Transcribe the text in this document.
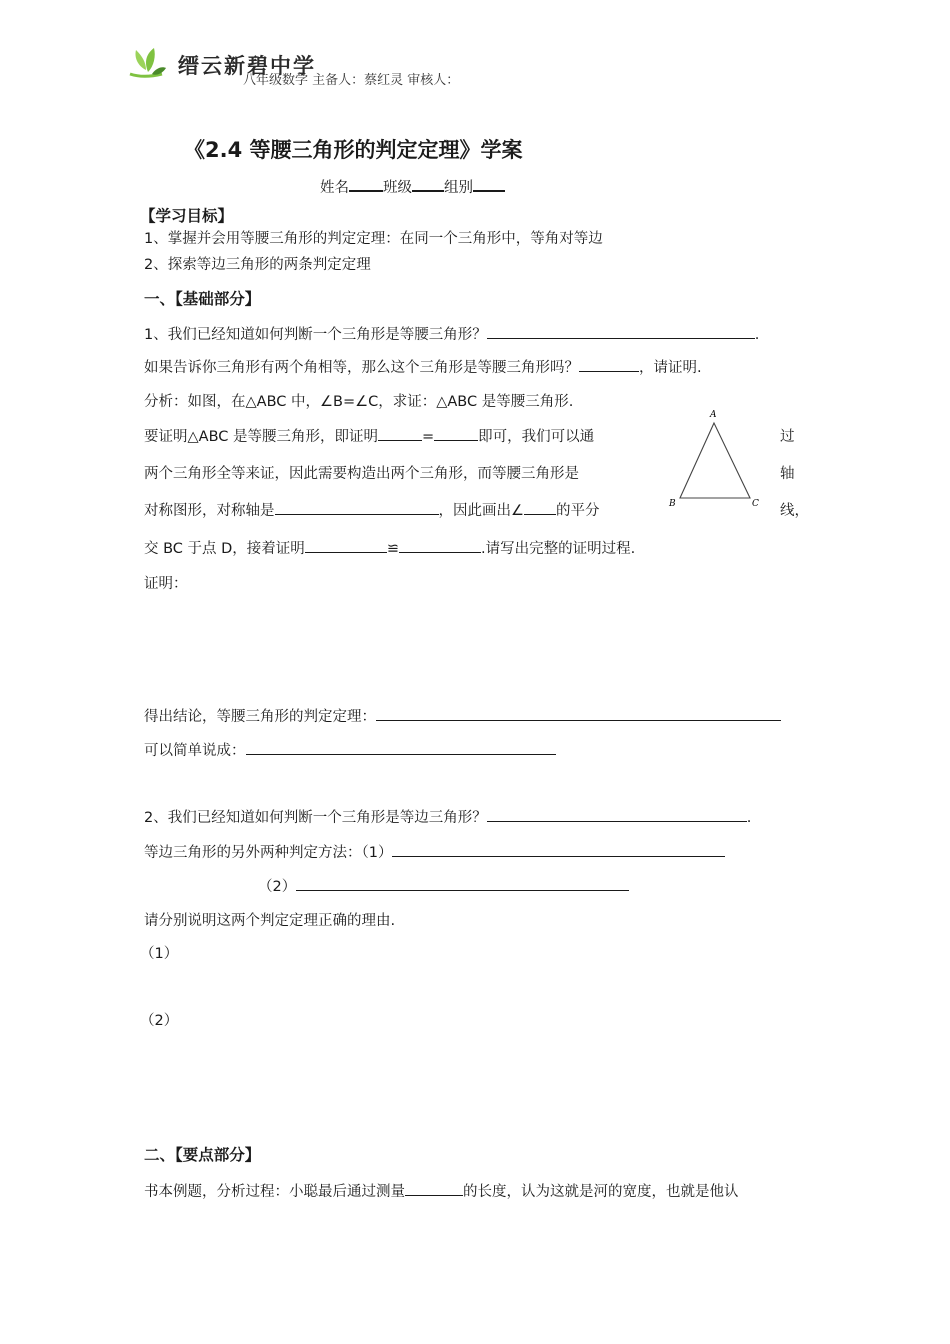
缙云新碧中学
八年级数学 主备人：蔡红灵 审核人：
《2.4 等腰三角形的判定定理》学案
姓名 班级 组别
【学习目标】
1、掌握并会用等腰三角形的判定定理：在同一个三角形中，等角对等边
2、探索等边三角形的两条判定定理
一、【基础部分】
1、我们已经知道如何判断一个三角形是等腰三角形？	.
如果告诉你三角形有两个角相等，那么这个三角形是等腰三角形吗？	，请证明.
分析：如图，在△ABC 中，∠B=∠C，求证：△ABC 是等腰三角形.
要证明△ABC 是等腰三角形，即证明	=	即可，我们可以通	过
两个三角形全等来证，因此需要构造出两个三角形，而等腰三角形是	轴
对称图形，对称轴是	，因此画出∠ 的平分	线，
A
B	C
交 BC 于点 D，接着证明	≌	.请写出完整的证明过程.
证明：
得出结论，等腰三角形的判定定理：
可以简单说成：
2、我们已经知道如何判断一个三角形是等边三角形？	.
等边三角形的另外两种判定方法：（1）
（2）
请分别说明这两个判定定理正确的理由.
（1）
（2）
二、【要点部分】
书本例题，分析过程：小聪最后通过测量	的长度，认为这就是河的宽度，也就是他认
